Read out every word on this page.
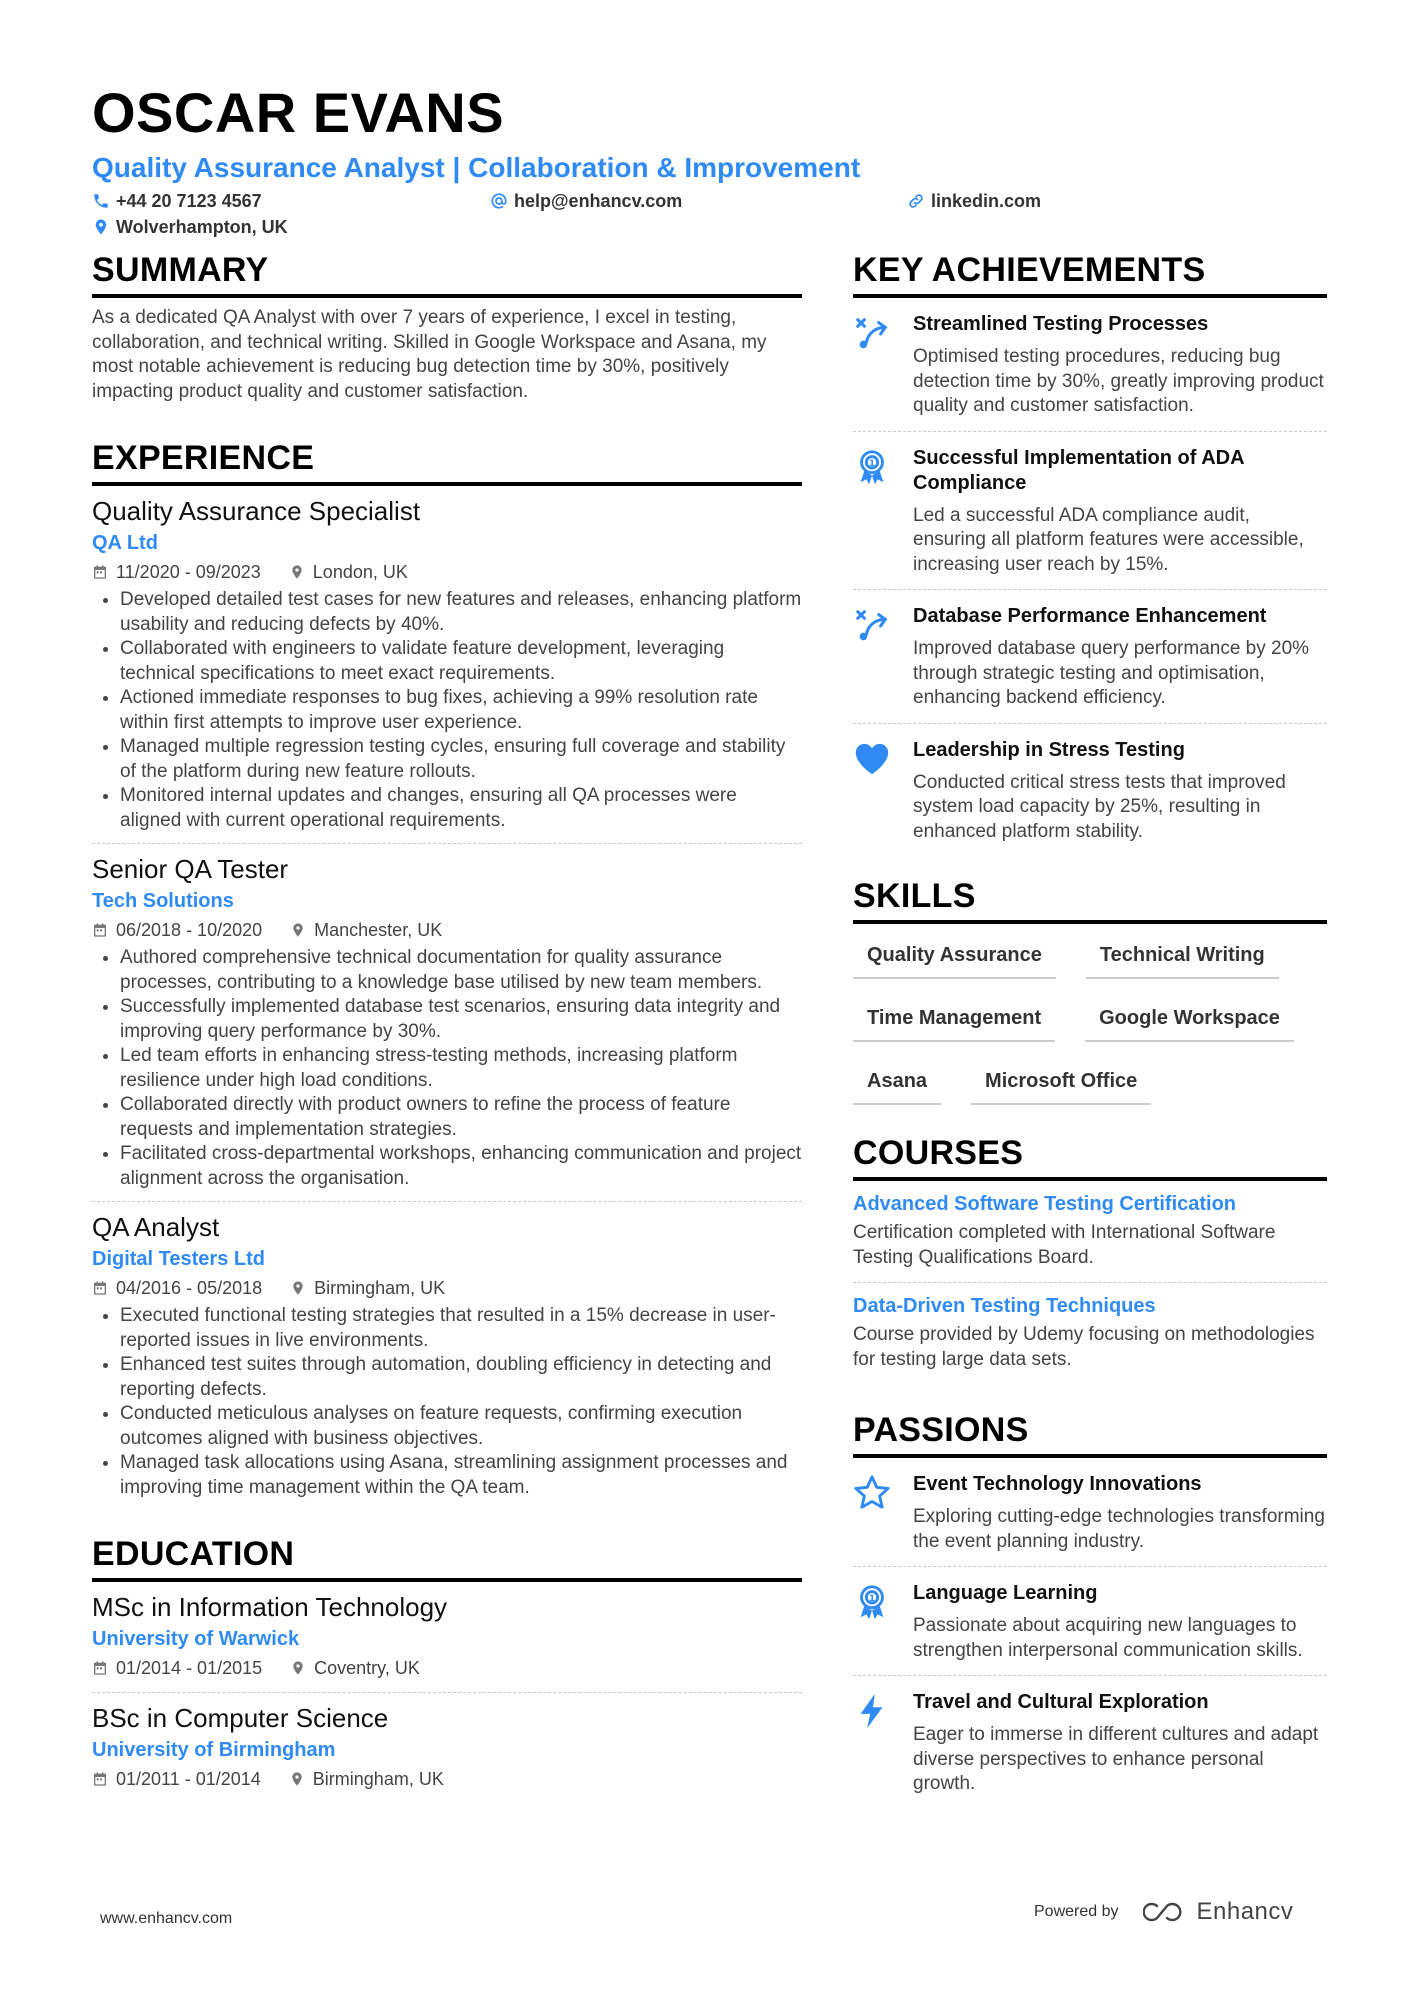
OSCAR EVANS
Quality Assurance Analyst | Collaboration & Improvement
+44 20 7123 4567	help@enhancv.com	linkedin.com
Wolverhampton, UK
SUMMARY
As a dedicated QA Analyst with over 7 years of experience, I excel in testing, collaboration, and technical writing. Skilled in Google Workspace and Asana, my most notable achievement is reducing bug detection time by 30%, positively impacting product quality and customer satisfaction.
EXPERIENCE
Quality Assurance Specialist
QA Ltd
11/2020 - 09/2023	London, UK
• Developed detailed test cases for new features and releases, enhancing platform usability and reducing defects by 40%.
• Collaborated with engineers to validate feature development, leveraging technical specifications to meet exact requirements.
• Actioned immediate responses to bug fixes, achieving a 99% resolution rate within first attempts to improve user experience.
• Managed multiple regression testing cycles, ensuring full coverage and stability of the platform during new feature rollouts.
• Monitored internal updates and changes, ensuring all QA processes were aligned with current operational requirements.
Senior QA Tester
Tech Solutions
06/2018 - 10/2020	Manchester, UK
• Authored comprehensive technical documentation for quality assurance processes, contributing to a knowledge base utilised by new team members.
• Successfully implemented database test scenarios, ensuring data integrity and improving query performance by 30%.
• Led team efforts in enhancing stress-testing methods, increasing platform resilience under high load conditions.
• Collaborated directly with product owners to refine the process of feature requests and implementation strategies.
• Facilitated cross-departmental workshops, enhancing communication and project alignment across the organisation.
QA Analyst
Digital Testers Ltd
04/2016 - 05/2018	Birmingham, UK
• Executed functional testing strategies that resulted in a 15% decrease in user-reported issues in live environments.
• Enhanced test suites through automation, doubling efficiency in detecting and reporting defects.
• Conducted meticulous analyses on feature requests, confirming execution outcomes aligned with business objectives.
• Managed task allocations using Asana, streamlining assignment processes and improving time management within the QA team.
EDUCATION
MSc in Information Technology
University of Warwick
01/2014 - 01/2015	Coventry, UK
BSc in Computer Science
University of Birmingham
01/2011 - 01/2014	Birmingham, UK
KEY ACHIEVEMENTS
Streamlined Testing Processes
Optimised testing procedures, reducing bug detection time by 30%, greatly improving product quality and customer satisfaction.
1 Successful Implementation of ADA Compliance
Led a successful ADA compliance audit, ensuring all platform features were accessible, increasing user reach by 15%.
Database Performance Enhancement
Improved database query performance by 20% through strategic testing and optimisation, enhancing backend efficiency.
Leadership in Stress Testing
Conducted critical stress tests that improved system load capacity by 25%, resulting in enhanced platform stability.
SKILLS
Quality Assurance	Technical Writing
Time Management	Google Workspace
Asana	Microsoft Office
COURSES
Advanced Software Testing Certification
Certification completed with International Software Testing Qualifications Board.
Data-Driven Testing Techniques
Course provided by Udemy focusing on methodologies for testing large data sets.
PASSIONS
Event Technology Innovations
Exploring cutting-edge technologies transforming the event planning industry.
1 Language Learning
Passionate about acquiring new languages to strengthen interpersonal communication skills.
Travel and Cultural Exploration
Eager to immerse in different cultures and adapt diverse perspectives to enhance personal growth.
www.enhancv.com	Powered by	Enhancv
